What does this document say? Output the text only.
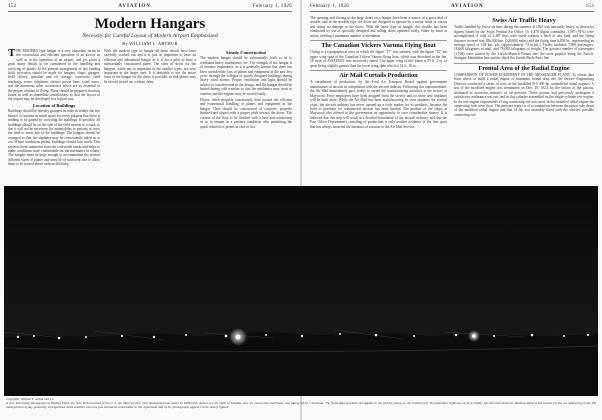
152	AVIATION	February 1, 1926
Modern Hangars
Necessity for Careful Layout of Modern Airport Emphasized
By WILLIAM L. ARTHUR
THE MODERN type hangar is a very important factor in the economical and efficient operation of an airway as well as in the operation of an airport, and yet given a great many details to be considered in the handling and servicing of planes. In the general arrangement of any landing field, provision should be made for hangars, shops, garages, field offices, gasoline and oil storage, reservoirs, field markings, water, telephone, electric power lines, wind cones, and the numerous other accessories which are so essential to the proper conduct of flying. Plans should be prepared showing future as well as immediate installations, so that the layout of the airport may be developed in a logical way.
Location of Buildings
Buildings should be literally grouped in order to reduce the fire hazard. It requires so much space for every purpose that there is nothing to be gained by crowding the buildings. If possible, all buildings should be on the side of the field nearest to a road, so that it will not be necessary for automobiles or persons to cross the field to reach any of the buildings. The hangars should be arranged so that the airplanes may be conveniently taken in or out. Where conditions permit, buildings should face south. This protects them somewhat from the cold north winds and helps to make conditions more comfortable for the mechanics in winter. The hangars must be large enough to accommodate the several different types of planes and must be of sufficient size to allow them to be moved about without difficulty.
With the modern type of hangar all these details have been carefully worked out and it is just as important to have an efficient and substantial hangar as it is for a pilot to have a substantially constructed plane. The sizes of doors for the hangars, while not so important in the smaller types, are very important in the larger ones. It is desirable to use the entire front of the hangar for the doors if possible, so that planes may be moved in and out without delay.
Steady Construction
The modern hangar should be substantially built so as to withstand heavy windstorms, etc. The strength of the hangar is of extreme importance, as it is generally known that there has been considerable loss of planes and equipment in the past few years through the collapse of poorly designed buildings during heavy wind storms. Proper ventilation and light should be subject to consideration in the design, and the hangar should be heated during cold weather so that the mechanics may work in comfort and the engines may be started easily.
Floors, when properly constructed, lead toward the efficient and economical handling of planes and equipment in the hangar. They should be constructed of concrete, properly finished and sloped with a proper pitch toward the doors. The corners of the floor to be finished with a base and reinforcing so as to remain in a sanitary condition, also permitting the quick removal of planes in case of fire.
February 1, 1926	AVIATION	153
The opening and closing of the large doors on a hangar have been a source of a great deal of trouble, and in the modern type the doors are designed to operate by a motor truck or tractor and doing no damage to the doors. With the latest type of hangar, this trouble has been eliminated by use of specially designed and rolling doors operated easily, either by hand or motor, needing a minimum number of attendants.
The Canadian Vickers Varuna Flying Boat
Owing to a typographical error in which the figure "27" was omitted, with the figure "15" the upper wing span of the Canadian Vickers Varuna flying boat, which was described in the Jan. 18 issue of AVIATION, was incorrectly stated. The upper wing of this plane is 55 ft. 2 in. in span, being slightly greater than the lower wing span which is 54 ft. 10 in.
Air Mail Curtails Production
A curtailment of production, by the Ford Air Transport Board, against government manufacture of aircraft in competition with the aircraft industry. Following this announcement, the Air Mail immediately gave orders to curtail the manufacturing activities at the factory at Maywood. Forty employees have been dropped from the service and no more new airplanes will be built there. While the Air Mail has been manufacturing its own airplanes for several years, the aircraft industry has never opened up a wide market for its products, because the field of purchase for commercial aircraft has been limited. The product of the shops at Maywood also offered to the government an opportunity to save considerable money. It is believed that this step will result in a decided stimulation of the aircraft industry, and that the Post Office Department's curtailing of production is only another evidence of the fine spirit that has always attracted the attention of aviation to the Air Mail Service.
Swiss Air Traffic Heavy
Traffic handled by Swiss air lines during the summer of 1925 was unusually heavy, as shown by figures issued by the Swiss Federal Air Office. Of 4,378 flights scheduled, 3,987 (91%) were accomplished. A total of 2,487 trips were made without a hitch of any kind, and the flying distance covered was 836,000 km. (520,000 miles) and the flying time 6,856 hr., representing an average speed of 128 km. p.h. (approximately 74 m.p.h.). Traffic included 7,900 passengers, 18,600 kilograms of mail, and 73,000 kilograms of freight. The greatest number of passengers (1,726) were carried by the Zurich-Munich-Vienna line, the most popular being the Zurich-Stuttgart-Mannheim line and the third, the Zurich-Basle-Paris line.
Frontal Area of the Radial Engine
COMPARISON OF POWER-EQUIPMENT IN THE MESSENGER PLANE. To obtain data from which to build a radial engine of minimum frontal area, the Air Service Engineering Division conducted a series of tests on the modified B-5 400 hp. unmodified radial engines. A test of the modified engine was terminated on Dec. 29, 1924, by the failure of the pistons, attributed to excessive intensity of oil pressure. These pistons had previously undergone a satisfactory endurance test run, and in this cylinder assembled on the single-cylinder test-engine. In the test-engine experiments a long connecting rod was used; in the modified radial engine the connecting rods were short. The pressure report is of a comparison between the piston side thrust of the modified radial engine and that of the test assembly fitted with the shortest possible connecting rod.
Copyright: William E. Arthur and Co.
A very interesting photograph of Hadley Field, the New York terminal of the U. S. Air Mail Service. This photograph was taken by William E. Arthur a a the night of Tuesday, Jan. 12, just as the mail plane was taking off for Cleveland. The flood light just does not appear in the picture, being on the extreme left. The boundary lights are clearly visible. The fact that these are flashing lights is the reason for the eye appearing in the left hand portion of day generally, extinguished while another, also one just behind an automobile in the right hand half of the photograph, appears to be slowly lighted.
